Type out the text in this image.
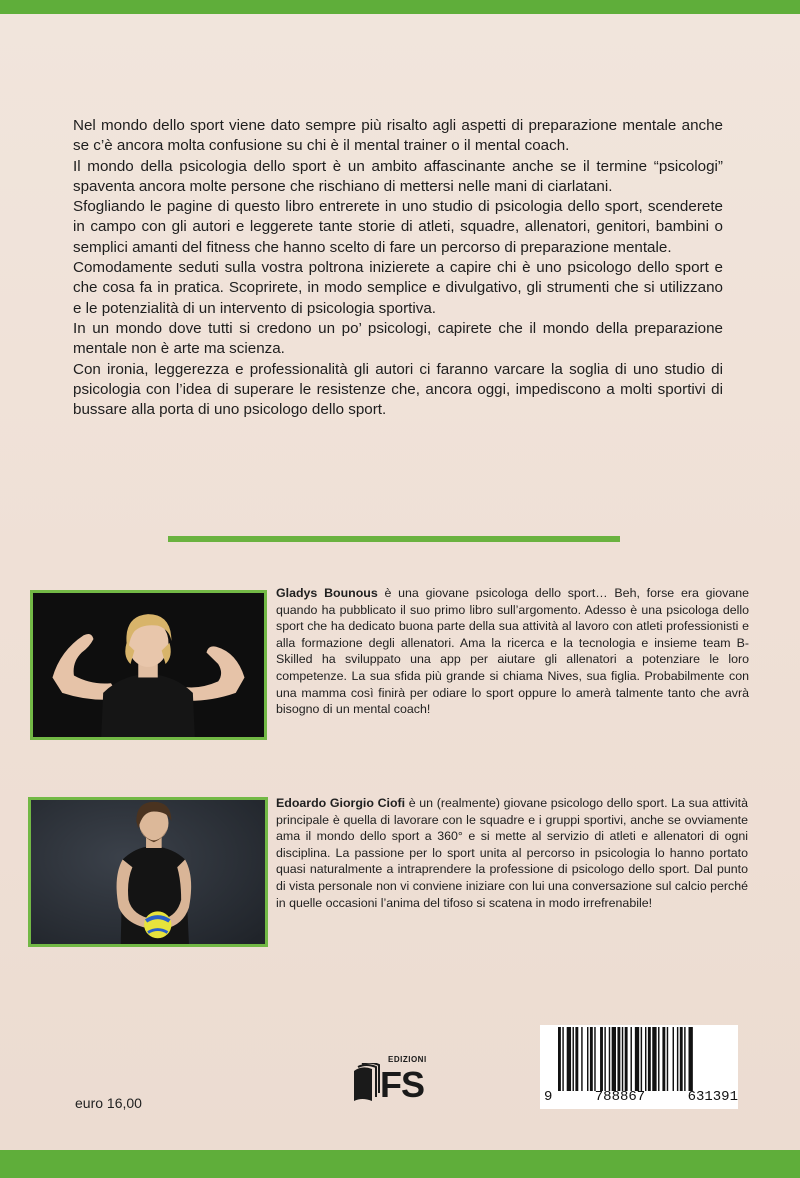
Nel mondo dello sport viene dato sempre più risalto agli aspetti di preparazione mentale anche se c’è ancora molta confusione su chi è il mental trainer o il mental coach.

Il mondo della psicologia dello sport è un ambito affascinante anche se il termine “psicologi” spaventa ancora molte persone che rischiano di mettersi nelle mani di ciarlatani.

Sfogliando le pagine di questo libro entrerete in uno studio di psicologia dello sport, scenderete in campo con gli autori e leggerete tante storie di atleti, squadre, allenatori, genitori, bambini o semplici amanti del fitness che hanno scelto di fare un percorso di preparazione mentale.

Comodamente seduti sulla vostra poltrona inizierete a capire chi è uno psicologo dello sport e che cosa fa in pratica. Scoprirete, in modo semplice e divulgativo, gli strumenti che si utilizzano e le potenzialità di un intervento di psicologia sportiva.

In un mondo dove tutti si credono un po’ psicologi, capirete che il mondo della preparazione mentale non è arte ma scienza.

Con ironia, leggerezza e professionalità gli autori ci faranno varcare la soglia di uno studio di psicologia con l’idea di superare le resistenze che, ancora oggi, impediscono a molti sportivi di bussare alla porta di uno psicologo dello sport.

Gladys Bounous è una giovane psicologa dello sport… Beh, forse era giovane quando ha pubblicato il suo primo libro sull’argomento. Adesso è una psicologa dello sport che ha dedicato buona parte della sua attività al lavoro con atleti professionisti e alla formazione degli allenatori. Ama la ricerca e la tecnologia e insieme team B-Skilled ha sviluppato una app per aiutare gli allenatori a potenziare le loro competenze. La sua sfida più grande si chiama Nives, sua figlia. Probabilmente con una mamma così finirà per odiare lo sport oppure lo amerà talmente tanto che avrà bisogno di un mental coach!
Edoardo Giorgio Ciofi è un (realmente) giovane psicologo dello sport. La sua attività principale è quella di lavorare con le squadre e i gruppi sportivi, anche se ovviamente ama il mondo dello sport a 360° e si mette al servizio di atleti e allenatori di ogni disciplina. La passione per lo sport unita al percorso in psicologia lo hanno portato quasi naturalmente a intraprendere la professione di psicologo dello sport. Dal punto di vista personale non vi conviene iniziare con lui una conversazione sul calcio perché in quelle occasioni l’anima del tifoso si scatena in modo irrefrenabile!
EDIZIONI
FS
euro 16,00	9	788867	631391
